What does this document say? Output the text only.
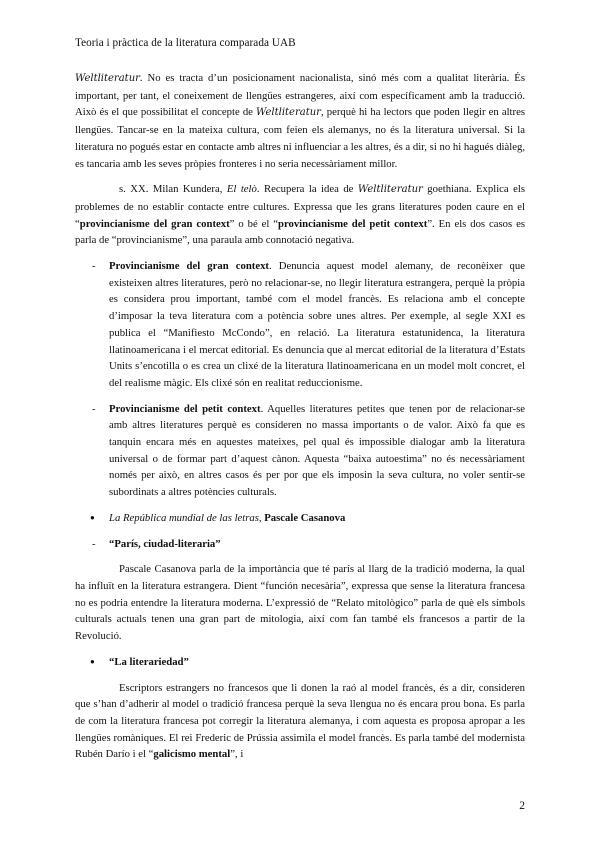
Teoria i pràctica de la literatura comparada UAB

Weltliteratur. No es tracta d’un posicionament nacionalista, sinó més com a qualitat literària. És important, per tant, el coneixement de llengües estrangeres, així com específicament amb la traducció. Això és el que possibilitat el concepte de Weltliteratur, perquè hi ha lectors que poden llegir en altres llengües. Tancar-se en la mateixa cultura, com feien els alemanys, no és la literatura universal. Si la literatura no pogués estar en contacte amb altres ni influenciar a les altres, és a dir, si no hi hagués diàleg, es tancaria amb les seves pròpies fronteres i no seria necessàriament millor.

s. XX. Milan Kundera, El telò. Recupera la idea de Weltliteratur goethiana. Explica els problemes de no establir contacte entre cultures. Expressa que les grans literatures poden caure en el “provincianisme del gran context” o bé el “provincianisme del petit context”. En els dos casos es parla de “provincianisme”, una paraula amb connotació negativa.

- Provincianisme del gran context. Denuncia aquest model alemany, de reconèixer que existeixen altres literatures, però no relacionar-se, no llegir literatura estrangera, perquè la pròpia es considera prou important, també com el model francès. Es relaciona amb el concepte d’imposar la teva literatura com a potència sobre unes altres. Per exemple, al segle XXI es publica el “Manifiesto McCondo”, en relació. La literatura estatunidenca, la literatura llatinoamericana i el mercat editorial. Es denuncia que al mercat editorial de la literatura d’Estats Units s’encotilla o es crea un clixé de la literatura llatinoamericana en un model molt concret, el del realisme màgic. Els clixé són en realitat reduccionisme.
- Provincianisme del petit context. Aquelles literatures petites que tenen por de relacionar-se amb altres literatures perquè es consideren no massa importants o de valor. Això fa que es tanquin encara més en aquestes mateixes, pel qual és impossible dialogar amb la literatura universal o de formar part d’aquest cànon. Aquesta “baixa autoestima” no és necessàriament només per això, en altres casos és per por que els imposin la seva cultura, no voler sentir-se subordinats a altres potències culturals.
● La República mundial de las letras, Pascale Casanova
- “París, ciudad-literaria”

Pascale Casanova parla de la importància que té parís al llarg de la tradició moderna, la qual ha influït en la literatura estrangera. Dient “función necesària”, expressa que sense la literatura francesa no es podria entendre la literatura moderna. L’expressió de “Relato mitològico” parla de què els símbols culturals actuals tenen una gran part de mitologia, així com fan també els francesos a partir de la Revolució.

● “La literariedad”

Escriptors estrangers no francesos que li donen la raó al model francès, és a dir, consideren que s’han d’adherir al model o tradició francesa perquè la seva llengua no és encara prou bona. Es parla de com la literatura francesa pot corregir la literatura alemanya, i com aquesta es proposa apropar a les llengües romàniques. El rei Frederic de Prússia assimila el model francès. Es parla també del modernista Rubén Darío i el “galicismo mental”, i

2
